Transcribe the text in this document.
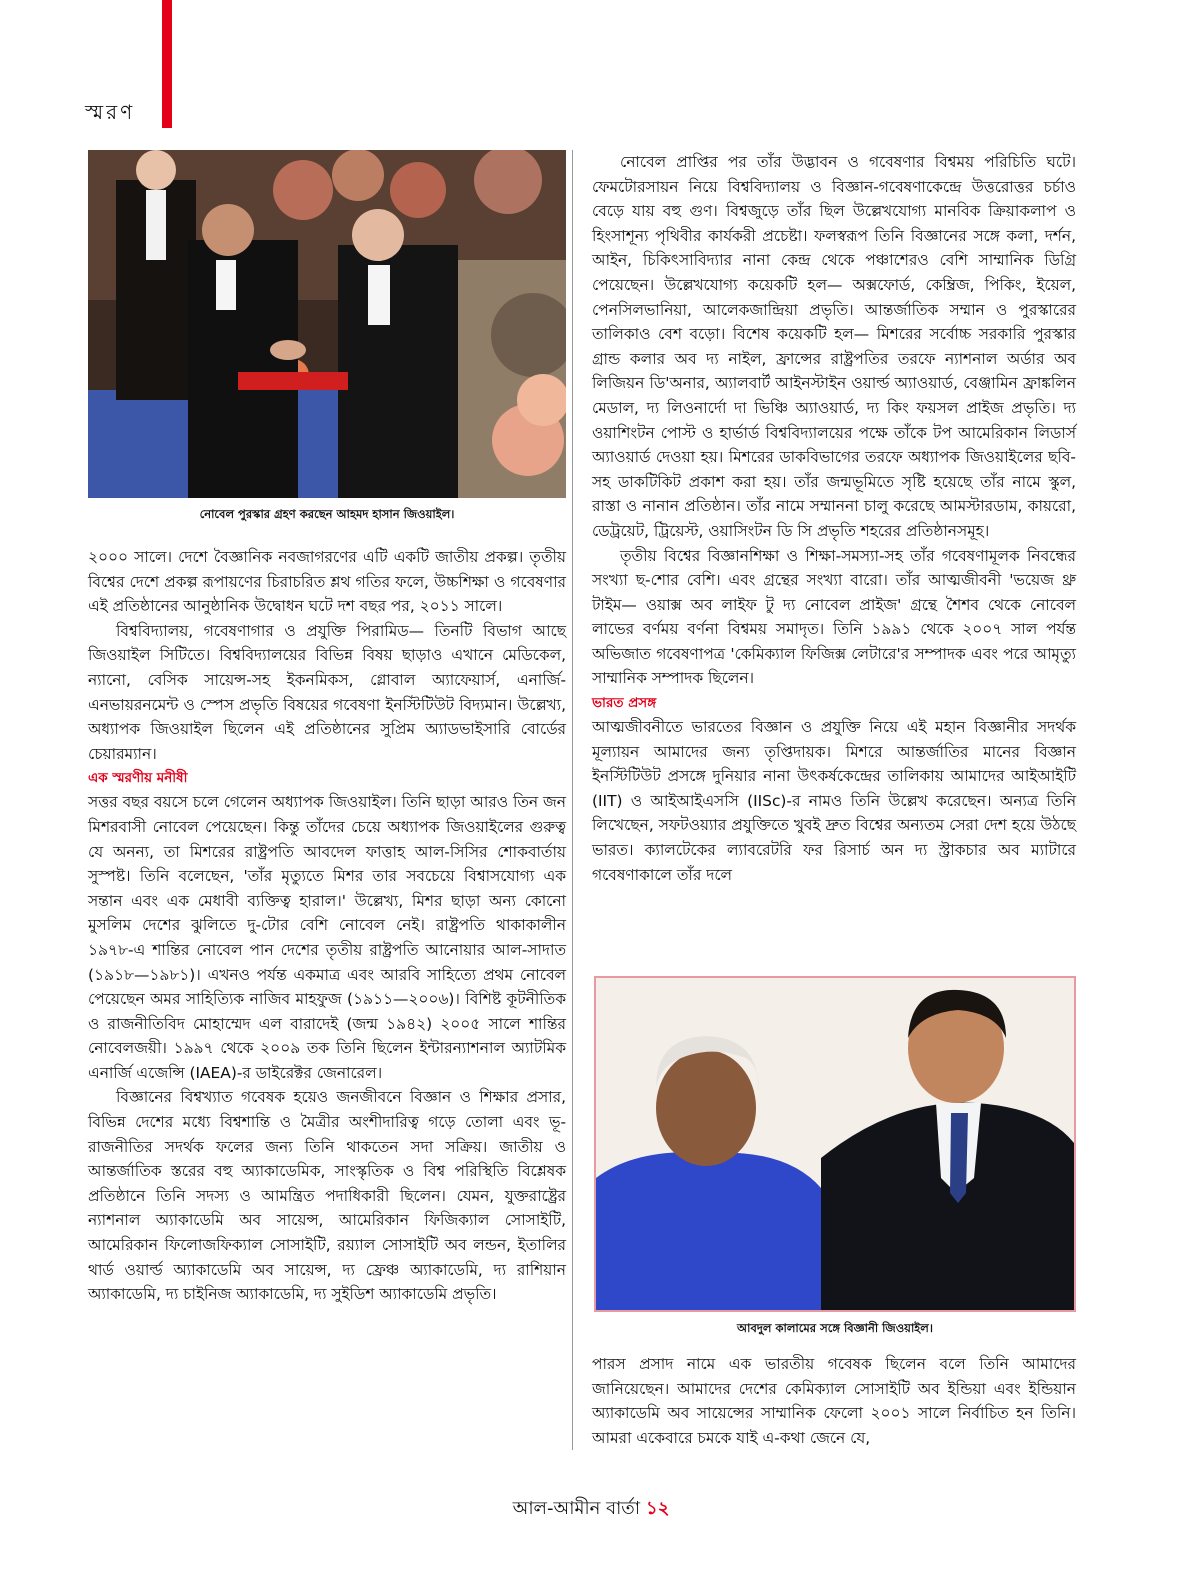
স্মরণ
নোবেল পুরস্কার গ্রহণ করছেন আহমদ হাসান জিওয়াইল।

২০০০ সালে। দেশে বৈজ্ঞানিক নবজাগরণের এটি একটি জাতীয় প্রকল্প। তৃতীয় বিশ্বের দেশে প্রকল্প রূপায়ণের চিরাচরিত শ্লথ গতির ফলে, উচ্চশিক্ষা ও গবেষণার এই প্রতিষ্ঠানের আনুষ্ঠানিক উদ্বোধন ঘটে দশ বছর পর, ২০১১ সালে।

বিশ্ববিদ্যালয়, গবেষণাগার ও প্রযুক্তি পিরামিড— তিনটি বিভাগ আছে জিওয়াইল সিটিতে। বিশ্ববিদ্যালয়ের বিভিন্ন বিষয় ছাড়াও এখানে মেডিকেল, ন্যানো, বেসিক সায়েন্স-সহ ইকনমিকস, গ্লোবাল অ্যাফেয়ার্স, এনার্জি-এনভায়রনমেন্ট ও স্পেস প্রভৃতি বিষয়ের গবেষণা ইনস্টিটিউট বিদ্যমান। উল্লেখ্য, অধ্যাপক জিওয়াইল ছিলেন এই প্রতিষ্ঠানের সুপ্রিম অ্যাডভাইসারি বোর্ডের চেয়ারম্যান।

এক স্মরণীয় মনীষী

সত্তর বছর বয়সে চলে গেলেন অধ্যাপক জিওয়াইল। তিনি ছাড়া আরও তিন জন মিশরবাসী নোবেল পেয়েছেন। কিন্তু তাঁদের চেয়ে অধ্যাপক জিওয়াইলের গুরুত্ব যে অনন্য, তা মিশরের রাষ্ট্রপতি আবদেল ফাত্তাহ আল-সিসির শোকবার্তায় সুস্পষ্ট। তিনি বলেছেন, 'তাঁর মৃত্যুতে মিশর তার সবচেয়ে বিশ্বাসযোগ্য এক সন্তান এবং এক মেধাবী ব্যক্তিত্ব হারাল।' উল্লেখ্য, মিশর ছাড়া অন্য কোনো মুসলিম দেশের ঝুলিতে দু-টোর বেশি নোবেল নেই। রাষ্ট্রপতি থাকাকালীন ১৯৭৮-এ শান্তির নোবেল পান দেশের তৃতীয় রাষ্ট্রপতি আনোয়ার আল-সাদাত (১৯১৮—১৯৮১)। এখনও পর্যন্ত একমাত্র এবং আরবি সাহিত্যে প্রথম নোবেল পেয়েছেন অমর সাহিত্যিক নাজিব মাহফুজ (১৯১১—২০০৬)। বিশিষ্ট কূটনীতিক ও রাজনীতিবিদ মোহাম্মেদ এল বারাদেই (জন্ম ১৯৪২) ২০০৫ সালে শান্তির নোবেলজয়ী। ১৯৯৭ থেকে ২০০৯ তক তিনি ছিলেন ইন্টারন্যাশনাল অ্যাটমিক এনার্জি এজেন্সি (IAEA)-র ডাইরেক্টর জেনারেল।

বিজ্ঞানের বিশ্বখ্যাত গবেষক হয়েও জনজীবনে বিজ্ঞান ও শিক্ষার প্রসার, বিভিন্ন দেশের মধ্যে বিশ্বশান্তি ও মৈত্রীর অংশীদারিত্ব গড়ে তোলা এবং ভূ-রাজনীতির সদর্থক ফলের জন্য তিনি থাকতেন সদা সক্রিয়। জাতীয় ও আন্তর্জাতিক স্তরের বহু অ্যাকাডেমিক, সাংস্কৃতিক ও বিশ্ব পরিস্থিতি বিশ্লেষক প্রতিষ্ঠানে তিনি সদস্য ও আমন্ত্রিত পদাধিকারী ছিলেন। যেমন, যুক্তরাষ্ট্রের ন্যাশনাল অ্যাকাডেমি অব সায়েন্স, আমেরিকান ফিজিক্যাল সোসাইটি, আমেরিকান ফিলোজফিক্যাল সোসাইটি, রয়্যাল সোসাইটি অব লন্ডন, ইতালির থার্ড ওয়ার্ল্ড অ্যাকাডেমি অব সায়েন্স, দ্য ফ্রেঞ্চ অ্যাকাডেমি, দ্য রাশিয়ান অ্যাকাডেমি, দ্য চাইনিজ অ্যাকাডেমি, দ্য সুইডিশ অ্যাকাডেমি প্রভৃতি।

নোবেল প্রাপ্তির পর তাঁর উদ্ভাবন ও গবেষণার বিশ্বময় পরিচিতি ঘটে। ফেমটোরসায়ন নিয়ে বিশ্ববিদ্যালয় ও বিজ্ঞান-গবেষণাকেন্দ্রে উত্তরোত্তর চর্চাও বেড়ে যায় বহু গুণ। বিশ্বজুড়ে তাঁর ছিল উল্লেখযোগ্য মানবিক ক্রিয়াকলাপ ও হিংসাশূন্য পৃথিবীর কার্যকরী প্রচেষ্টা। ফলস্বরূপ তিনি বিজ্ঞানের সঙ্গে কলা, দর্শন, আইন, চিকিৎসাবিদ্যার নানা কেন্দ্র থেকে পঞ্চাশেরও বেশি সাম্মানিক ডিগ্রি পেয়েছেন। উল্লেখযোগ্য কয়েকটি হল— অক্সফোর্ড, কেম্ব্রিজ, পিকিং, ইয়েল, পেনসিলভানিয়া, আলেকজান্দ্রিয়া প্রভৃতি। আন্তর্জাতিক সম্মান ও পুরস্কারের তালিকাও বেশ বড়ো। বিশেষ কয়েকটি হল— মিশরের সর্বোচ্চ সরকারি পুরস্কার গ্রান্ড কলার অব দ্য নাইল, ফ্রান্সের রাষ্ট্রপতির তরফে ন্যাশনাল অর্ডার অব লিজিয়ন ডি'অনার, অ্যালবার্ট আইনস্টাইন ওয়ার্ল্ড অ্যাওয়ার্ড, বেঞ্জামিন ফ্রাঙ্কলিন মেডাল, দ্য লিওনার্দো দা ভিঞ্চি অ্যাওয়ার্ড, দ্য কিং ফয়সল প্রাইজ প্রভৃতি। দ্য ওয়াশিংটন পোস্ট ও হার্ভার্ড বিশ্ববিদ্যালয়ের পক্ষে তাঁকে টপ আমেরিকান লিডার্স অ্যাওয়ার্ড দেওয়া হয়। মিশরের ডাকবিভাগের তরফে অধ্যাপক জিওয়াইলের ছবি-সহ ডাকটিকিট প্রকাশ করা হয়। তাঁর জন্মভূমিতে সৃষ্টি হয়েছে তাঁর নামে স্কুল, রাস্তা ও নানান প্রতিষ্ঠান। তাঁর নামে সম্মাননা চালু করেছে আমস্টারডাম, কায়রো, ডেট্রয়েট, ট্রিয়েস্ট, ওয়াসিংটন ডি সি প্রভৃতি শহরের প্রতিষ্ঠানসমূহ।

তৃতীয় বিশ্বের বিজ্ঞানশিক্ষা ও শিক্ষা-সমস্যা-সহ তাঁর গবেষণামূলক নিবন্ধের সংখ্যা ছ-শোর বেশি। এবং গ্রন্থের সংখ্যা বারো। তাঁর আত্মজীবনী 'ভয়েজ থ্রু টাইম— ওয়াক্স অব লাইফ টু দ্য নোবেল প্রাইজ' গ্রন্থে শৈশব থেকে নোবেল লাভের বর্ণময় বর্ণনা বিশ্বময় সমাদৃত। তিনি ১৯৯১ থেকে ২০০৭ সাল পর্যন্ত অভিজাত গবেষণাপত্র 'কেমিক্যাল ফিজিক্স লেটারে'র সম্পাদক এবং পরে আমৃত্যু সাম্মানিক সম্পাদক ছিলেন।

ভারত প্রসঙ্গ

আত্মজীবনীতে ভারতের বিজ্ঞান ও প্রযুক্তি নিয়ে এই মহান বিজ্ঞানীর সদর্থক মূল্যায়ন আমাদের জন্য তৃপ্তিদায়ক। মিশরে আন্তর্জাতির মানের বিজ্ঞান ইনস্টিটিউট প্রসঙ্গে দুনিয়ার নানা উৎকর্ষকেন্দ্রের তালিকায় আমাদের আইআইটি (IIT) ও আইআইএসসি (IISc)-র নামও তিনি উল্লেখ করেছেন। অন্যত্র তিনি লিখেছেন, সফটওয়্যার প্রযুক্তিতে খুবই দ্রুত বিশ্বের অন্যতম সেরা দেশ হয়ে উঠছে ভারত। ক্যালটেকের ল্যাবরেটরি ফর রিসার্চ অন দ্য স্ট্রাকচার অব ম্যাটারে গবেষণাকালে তাঁর দলে

আবদুল কালামের সঙ্গে বিজ্ঞানী জিওয়াইল।

পারস প্রসাদ নামে এক ভারতীয় গবেষক ছিলেন বলে তিনি আমাদের জানিয়েছেন। আমাদের দেশের কেমিক্যাল সোসাইটি অব ইন্ডিয়া এবং ইন্ডিয়ান অ্যাকাডেমি অব সায়েন্সের সাম্মানিক ফেলো ২০০১ সালে নির্বাচিত হন তিনি। আমরা একেবারে চমকে যাই এ-কথা জেনে যে,

আল-আমীন বার্তা ১২
